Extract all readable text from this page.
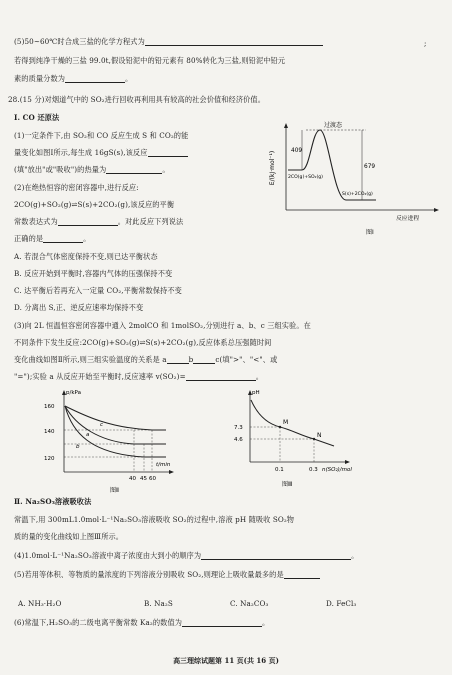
(5)50~60℃时合成三盐的化学方程式为	;
若得到纯净干燥的三盐 99.0t,假设铅泥中的铅元素有 80%转化为三盐,则铅泥中铅元
素的质量分数为	。
28.(15 分)对烟道气中的 SO₂进行回收再利用具有较高的社会价值和经济价值。
Ⅰ. CO 还原法
(1)一定条件下,由 SO₂和 CO 反应生成 S 和 CO₂的能
量变化如图Ⅰ所示,每生成 16gS(s),该反应
(填"放出"或"吸收")的热量为	。
(2)在绝热恒容的密闭容器中,进行反应:
2CO(g)+SO₂(g)⇌S(s)+2CO₂(g),该反应的平衡
常数表达式为	。对此反应下列说法
正确的是	。
A. 若混合气体密度保持不变,则已达平衡状态
B. 反应开始到平衡时,容器内气体的压强保持不变
C. 达平衡后若再充入一定量 CO₂,平衡常数保持不变
D. 分离出 S,正、逆反应速率均保持不变
(3)向 2L 恒温恒容密闭容器中通入 2molCO 和 1molSO₂,分别进行 a、b、c 三组实验。在
不同条件下发生反应:2CO(g)+SO₂(g)⇌S(s)+2CO₂(g),反应体系总压强随时间
变化曲线如图Ⅱ所示,则三组实验温度的关系是 a	b	c(填">"、"<"、或
"=");实验 a 从反应开始至平衡时,反应速率 v(SO₂)=	。
E/(kJ·mol⁻¹)
过渡态
409
679
2CO(g)+SO₂(g)
S(s)+2CO₂(g)
反应进程
图Ⅰ
p/kPa
160
140
120
c
a
b
40 45 60
t/min
图Ⅱ
pH
7.3
4.6
M
N
0.1	0.3 n(SO₂)/mol
图Ⅲ
Ⅱ. Na₂SO₃溶液吸收法
常温下,用 300mL1.0mol·L⁻¹Na₂SO₃溶液吸收 SO₂的过程中,溶液 pH 随吸收 SO₂物
质的量的变化曲线如上图Ⅲ所示。
(4)1.0mol·L⁻¹Na₂SO₃溶液中离子浓度由大到小的顺序为	。
(5)若用等体积、等物质的量浓度的下列溶液分别吸收 SO₂,则理论上吸收量最多的是
A. NH₃·H₂O	B. Na₂S	C. Na₂CO₃	D. FeCl₃
(6)常温下,H₂SO₃的二级电离平衡常数 Ka₂的数值为	。
高三理综试题第 11 页(共 16 页)
